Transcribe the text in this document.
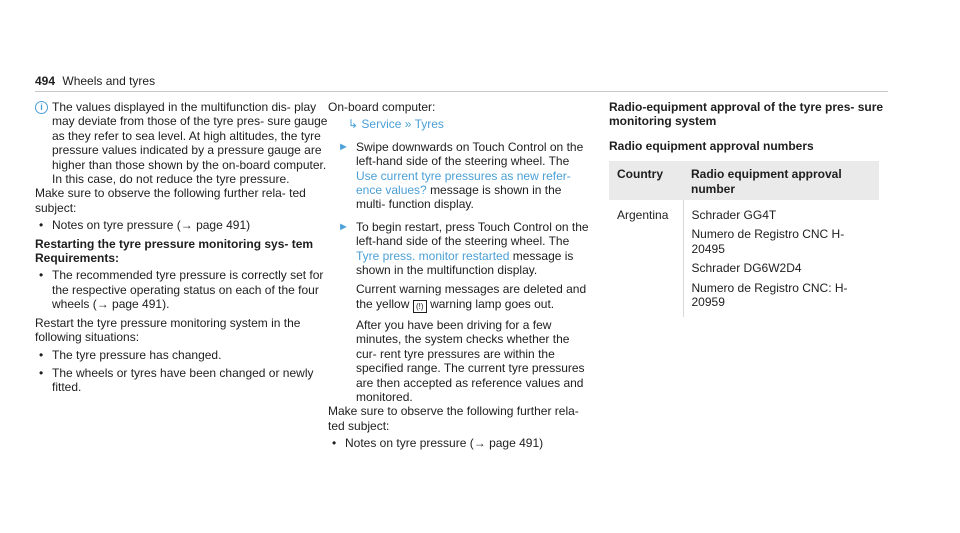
494 Wheels and tyres

i The values displayed in the multifunction dis- play may deviate from those of the tyre pres- sure gauge as they refer to sea level. At high altitudes, the tyre pressure values indicated by a pressure gauge are higher than those shown by the on-board computer. In this case, do not reduce the tyre pressure.

Make sure to observe the following further rela- ted subject:

• Notes on tyre pressure (→ page 491)
Restarting the tyre pressure monitoring sys- tem

Requirements:

• The recommended tyre pressure is correctly set for the respective operating status on each of the four wheels (→ page 491).

Restart the tyre pressure monitoring system in the following situations:

• The tyre pressure has changed.
• The wheels or tyres have been changed or newly fitted.

On-board computer:

↳ Service » Tyres

► Swipe downwards on Touch Control on the left-hand side of the steering wheel. The Use current tyre pressures as new refer- ence values? message is shown in the multi- function display.

► To begin restart, press Touch Control on the left-hand side of the steering wheel. The Tyre press. monitor restarted message is shown in the multifunction display.

Current warning messages are deleted and the yellow (!) warning lamp goes out.

After you have been driving for a few minutes, the system checks whether the cur- rent tyre pressures are within the specified range. The current tyre pressures are then accepted as reference values and monitored.

Make sure to observe the following further rela- ted subject:

• Notes on tyre pressure (→ page 491)
Radio-equipment approval of the tyre pres- sure monitoring system

Radio equipment approval numbers

Country	Radio equipment approval number
Argentina	Schrader GG4T
Numero de Registro CNC H-20495
Schrader DG6W2D4
Numero de Registro CNC: H-20959
